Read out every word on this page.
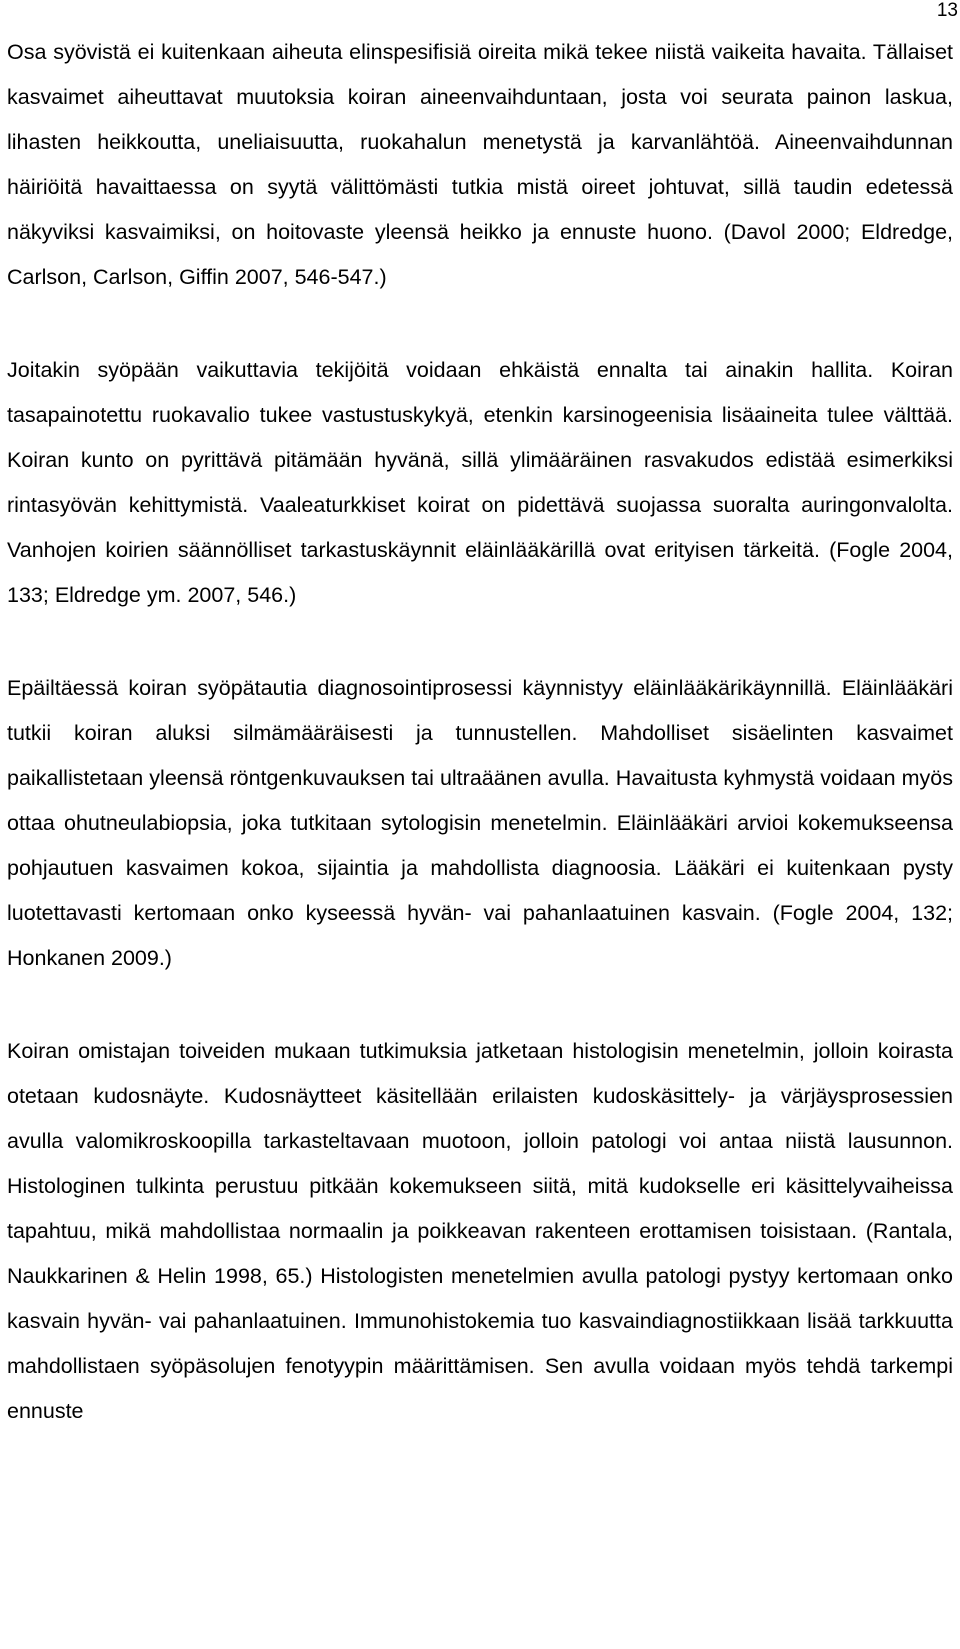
13

Osa syövistä ei kuitenkaan aiheuta elinspesifisiä oireita mikä tekee niistä vaikeita havaita. Tällaiset kasvaimet aiheuttavat muutoksia koiran aineenvaihduntaan, josta voi seurata painon laskua, lihasten heikkoutta, uneliaisuutta, ruokahalun menetystä ja karvanlähtöä. Aineenvaihdunnan häiriöitä havaittaessa on syytä välittömästi tutkia mistä oireet johtuvat, sillä taudin edetessä näkyviksi kasvaimiksi, on hoitovaste yleensä heikko ja ennuste huono. (Davol 2000; Eldredge, Carlson, Carlson, Giffin 2007, 546-547.)

Joitakin syöpään vaikuttavia tekijöitä voidaan ehkäistä ennalta tai ainakin hallita. Koiran tasapainotettu ruokavalio tukee vastustuskykyä, etenkin karsinogeenisia lisäaineita tulee välttää. Koiran kunto on pyrittävä pitämään hyvänä, sillä ylimääräinen rasvakudos edistää esimerkiksi rintasyövän kehittymistä. Vaaleaturkkiset koirat on pidettävä suojassa suoralta auringonvalolta. Vanhojen koirien säännölliset tarkastuskäynnit eläinlääkärillä ovat erityisen tärkeitä. (Fogle 2004, 133; Eldredge ym. 2007, 546.)

Epäiltäessä koiran syöpätautia diagnosointiprosessi käynnistyy eläinlääkärikäynnillä. Eläinlääkäri tutkii koiran aluksi silmämääräisesti ja tunnustellen. Mahdolliset sisäelinten kasvaimet paikallistetaan yleensä röntgenkuvauksen tai ultraäänen avulla. Havaitusta kyhmystä voidaan myös ottaa ohutneulabiopsia, joka tutkitaan sytologisin menetelmin. Eläinlääkäri arvioi kokemukseensa pohjautuen kasvaimen kokoa, sijaintia ja mahdollista diagnoosia. Lääkäri ei kuitenkaan pysty luotettavasti kertomaan onko kyseessä hyvän- vai pahanlaatuinen kasvain. (Fogle 2004, 132; Honkanen 2009.)

Koiran omistajan toiveiden mukaan tutkimuksia jatketaan histologisin menetelmin, jolloin koirasta otetaan kudosnäyte. Kudosnäytteet käsitellään erilaisten kudoskäsittely- ja värjäysprosessien avulla valomikroskoopilla tarkasteltavaan muotoon, jolloin patologi voi antaa niistä lausunnon. Histologinen tulkinta perustuu pitkään kokemukseen siitä, mitä kudokselle eri käsittelyvaiheissa tapahtuu, mikä mahdollistaa normaalin ja poikkeavan rakenteen erottamisen toisistaan. (Rantala, Naukkarinen & Helin 1998, 65.) Histologisten menetelmien avulla patologi pystyy kertomaan onko kasvain hyvän- vai pahanlaatuinen. Immunohistokemia tuo kasvaindiagnostiikkaan lisää tarkkuutta mahdollistaen syöpäsolujen fenotyypin määrittämisen. Sen avulla voidaan myös tehdä tarkempi ennuste
